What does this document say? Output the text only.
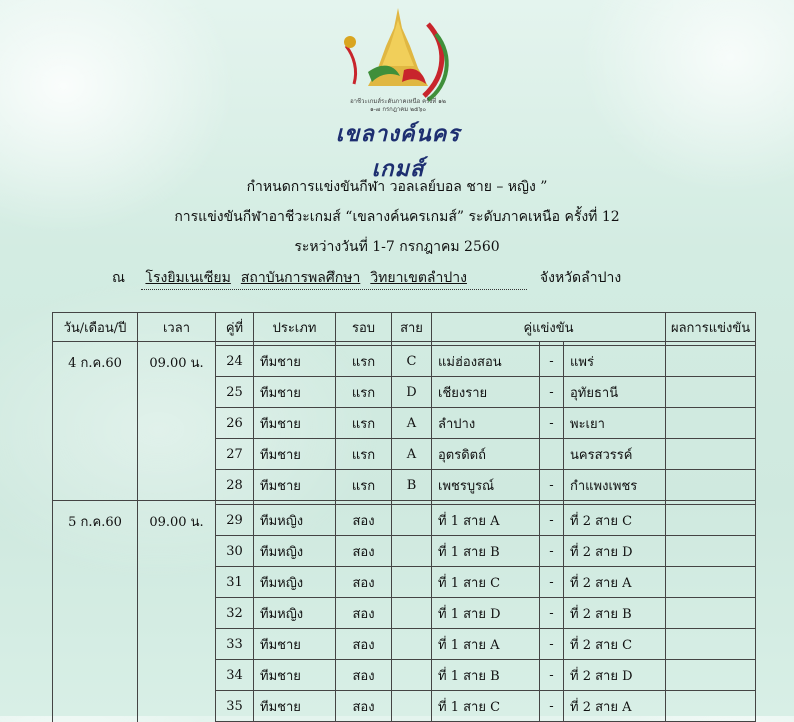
อาชีวะเกมส์ระดับภาคเหนือ ครั้งที่ ๑๒
๑-๗ กรกฎาคม ๒๕๖๐
เขลางค์นครเกมส์
กำหนดการแข่งขันกีฬา วอลเลย์บอล ชาย – หญิง ”
การแข่งขันกีฬาอาชีวะเกมส์ “เขลางค์นครเกมส์” ระดับภาคเหนือ ครั้งที่ 12
ระหว่างวันที่ 1-7 กรกฎาคม 2560
ณ โรงยิมเนเซียม สถาบันการพลศึกษา วิทยาเขตลำปาง	จังหวัดลำปาง
วัน/เดือน/ปี	เวลา	คู่ที่	ประเภท	รอบ	สาย	คู่แข่งขัน			ผลการแข่งขัน

4 ก.ค.60	09.00 น.	24	ทีมชาย	แรก	C	แม่ฮ่องสอน	-	แพร่	
		25	ทีมชาย	แรก	D	เชียงราย	-	อุทัยธานี	
		26	ทีมชาย	แรก	A	ลำปาง	-	พะเยา	
		27	ทีมชาย	แรก	A	อุตรดิตถ์		นครสวรรค์	
		28	ทีมชาย	แรก	B	เพชรบูรณ์	-	กำแพงเพชร	

5 ก.ค.60	09.00 น.	29	ทีมหญิง	สอง		ที่ 1 สาย A	-	ที่ 2 สาย C	
		30	ทีมหญิง	สอง		ที่ 1 สาย B	-	ที่ 2 สาย D	
		31	ทีมหญิง	สอง		ที่ 1 สาย C	-	ที่ 2 สาย A	
		32	ทีมหญิง	สอง		ที่ 1 สาย D	-	ที่ 2 สาย B	
		33	ทีมชาย	สอง		ที่ 1 สาย A	-	ที่ 2 สาย C	
		34	ทีมชาย	สอง		ที่ 1 สาย B	-	ที่ 2 สาย D	
		35	ทีมชาย	สอง		ที่ 1 สาย C	-	ที่ 2 สาย A	
